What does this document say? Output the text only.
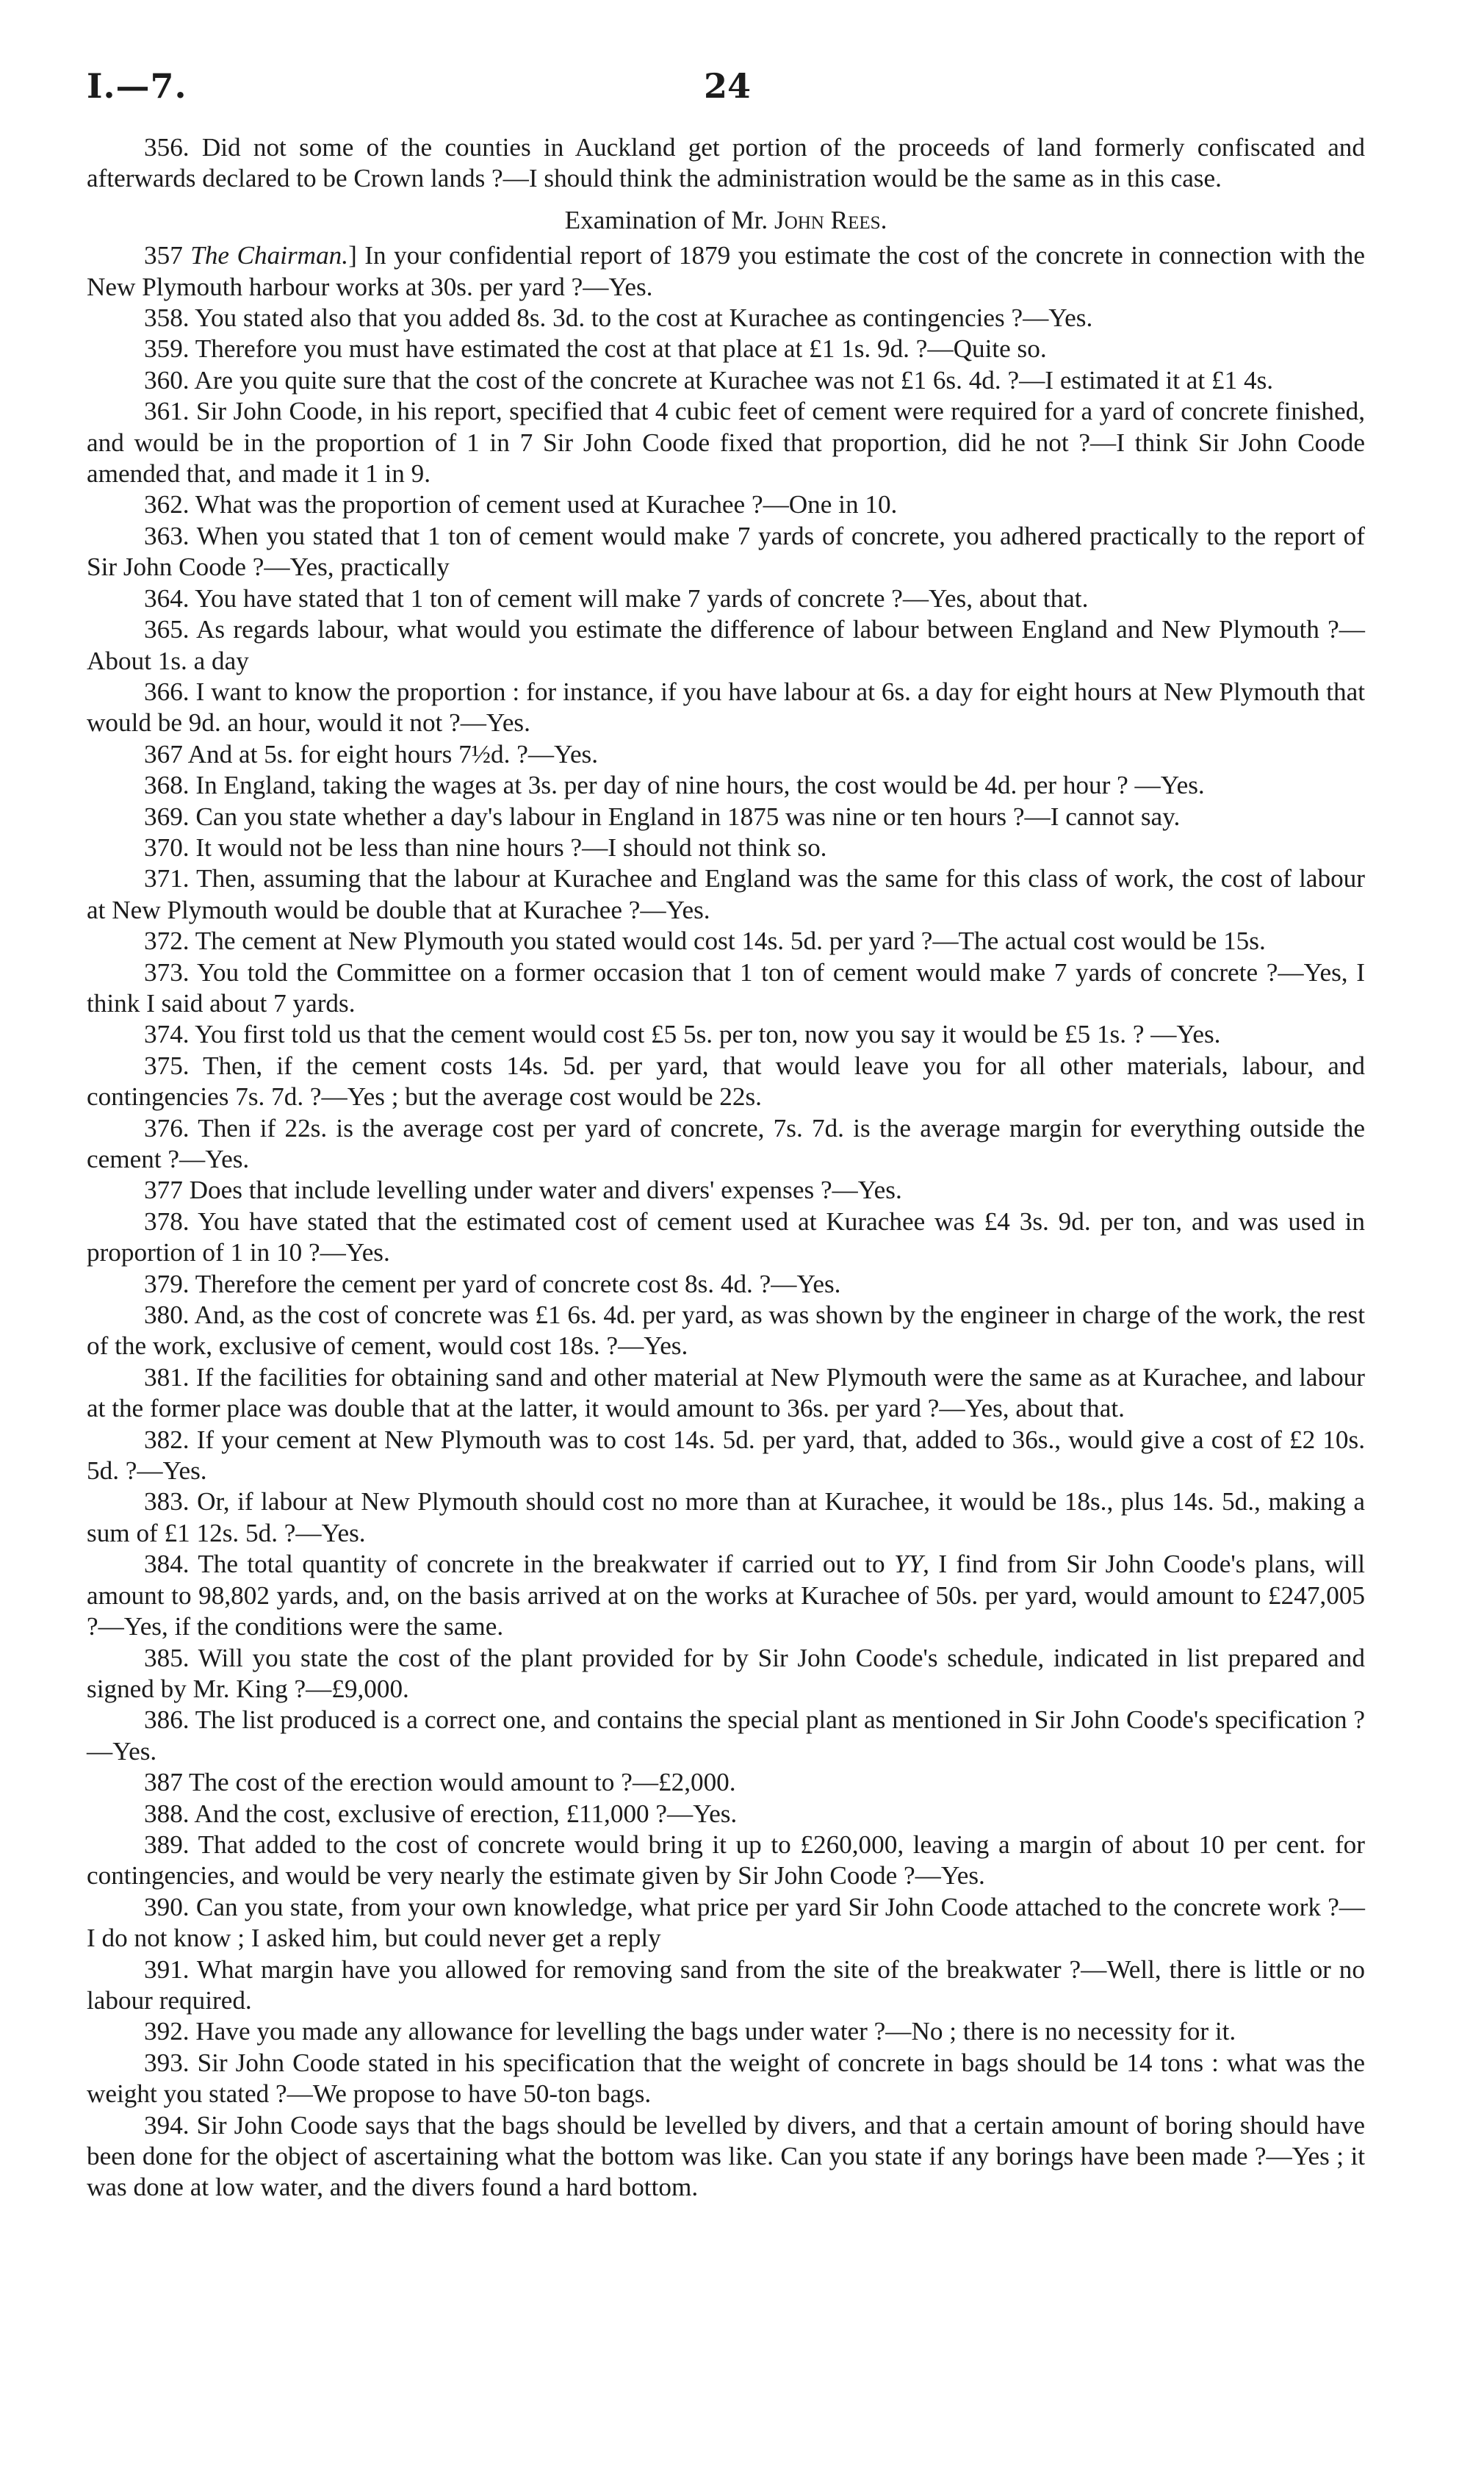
I.—7.	24

356. Did not some of the counties in Auckland get portion of the proceeds of land formerly confiscated and afterwards declared to be Crown lands ?—I should think the administration would be the same as in this case.

Examination of Mr. John Rees.

357 The Chairman.] In your confidential report of 1879 you estimate the cost of the concrete in connection with the New Plymouth harbour works at 30s. per yard ?—Yes.

358. You stated also that you added 8s. 3d. to the cost at Kurachee as contingencies ?—Yes.

359. Therefore you must have estimated the cost at that place at £1 1s. 9d. ?—Quite so.

360. Are you quite sure that the cost of the concrete at Kurachee was not £1 6s. 4d. ?—I estimated it at £1 4s.

361. Sir John Coode, in his report, specified that 4 cubic feet of cement were required for a yard of concrete finished, and would be in the proportion of 1 in 7 Sir John Coode fixed that proportion, did he not ?—I think Sir John Coode amended that, and made it 1 in 9.

362. What was the proportion of cement used at Kurachee ?—One in 10.

363. When you stated that 1 ton of cement would make 7 yards of concrete, you adhered practically to the report of Sir John Coode ?—Yes, practically

364. You have stated that 1 ton of cement will make 7 yards of concrete ?—Yes, about that.

365. As regards labour, what would you estimate the difference of labour between England and New Plymouth ?—About 1s. a day

366. I want to know the proportion : for instance, if you have labour at 6s. a day for eight hours at New Plymouth that would be 9d. an hour, would it not ?—Yes.

367 And at 5s. for eight hours 7½d. ?—Yes.

368. In England, taking the wages at 3s. per day of nine hours, the cost would be 4d. per hour ? —Yes.

369. Can you state whether a day's labour in England in 1875 was nine or ten hours ?—I cannot say.

370. It would not be less than nine hours ?—I should not think so.

371. Then, assuming that the labour at Kurachee and England was the same for this class of work, the cost of labour at New Plymouth would be double that at Kurachee ?—Yes.

372. The cement at New Plymouth you stated would cost 14s. 5d. per yard ?—The actual cost would be 15s.

373. You told the Committee on a former occasion that 1 ton of cement would make 7 yards of concrete ?—Yes, I think I said about 7 yards.

374. You first told us that the cement would cost £5 5s. per ton, now you say it would be £5 1s. ? —Yes.

375. Then, if the cement costs 14s. 5d. per yard, that would leave you for all other materials, labour, and contingencies 7s. 7d. ?—Yes ; but the average cost would be 22s.

376. Then if 22s. is the average cost per yard of concrete, 7s. 7d. is the average margin for everything outside the cement ?—Yes.

377 Does that include levelling under water and divers' expenses ?—Yes.

378. You have stated that the estimated cost of cement used at Kurachee was £4 3s. 9d. per ton, and was used in proportion of 1 in 10 ?—Yes.

379. Therefore the cement per yard of concrete cost 8s. 4d. ?—Yes.

380. And, as the cost of concrete was £1 6s. 4d. per yard, as was shown by the engineer in charge of the work, the rest of the work, exclusive of cement, would cost 18s. ?—Yes.

381. If the facilities for obtaining sand and other material at New Plymouth were the same as at Kurachee, and labour at the former place was double that at the latter, it would amount to 36s. per yard ?—Yes, about that.

382. If your cement at New Plymouth was to cost 14s. 5d. per yard, that, added to 36s., would give a cost of £2 10s. 5d. ?—Yes.

383. Or, if labour at New Plymouth should cost no more than at Kurachee, it would be 18s., plus 14s. 5d., making a sum of £1 12s. 5d. ?—Yes.

384. The total quantity of concrete in the breakwater if carried out to YY, I find from Sir John Coode's plans, will amount to 98,802 yards, and, on the basis arrived at on the works at Kurachee of 50s. per yard, would amount to £247,005 ?—Yes, if the conditions were the same.

385. Will you state the cost of the plant provided for by Sir John Coode's schedule, indicated in list prepared and signed by Mr. King ?—£9,000.

386. The list produced is a correct one, and contains the special plant as mentioned in Sir John Coode's specification ?—Yes.

387 The cost of the erection would amount to ?—£2,000.

388. And the cost, exclusive of erection, £11,000 ?—Yes.

389. That added to the cost of concrete would bring it up to £260,000, leaving a margin of about 10 per cent. for contingencies, and would be very nearly the estimate given by Sir John Coode ?—Yes.

390. Can you state, from your own knowledge, what price per yard Sir John Coode attached to the concrete work ?—I do not know ; I asked him, but could never get a reply

391. What margin have you allowed for removing sand from the site of the breakwater ?—Well, there is little or no labour required.

392. Have you made any allowance for levelling the bags under water ?—No ; there is no necessity for it.

393. Sir John Coode stated in his specification that the weight of concrete in bags should be 14 tons : what was the weight you stated ?—We propose to have 50-ton bags.

394. Sir John Coode says that the bags should be levelled by divers, and that a certain amount of boring should have been done for the object of ascertaining what the bottom was like. Can you state if any borings have been made ?—Yes ; it was done at low water, and the divers found a hard bottom.
